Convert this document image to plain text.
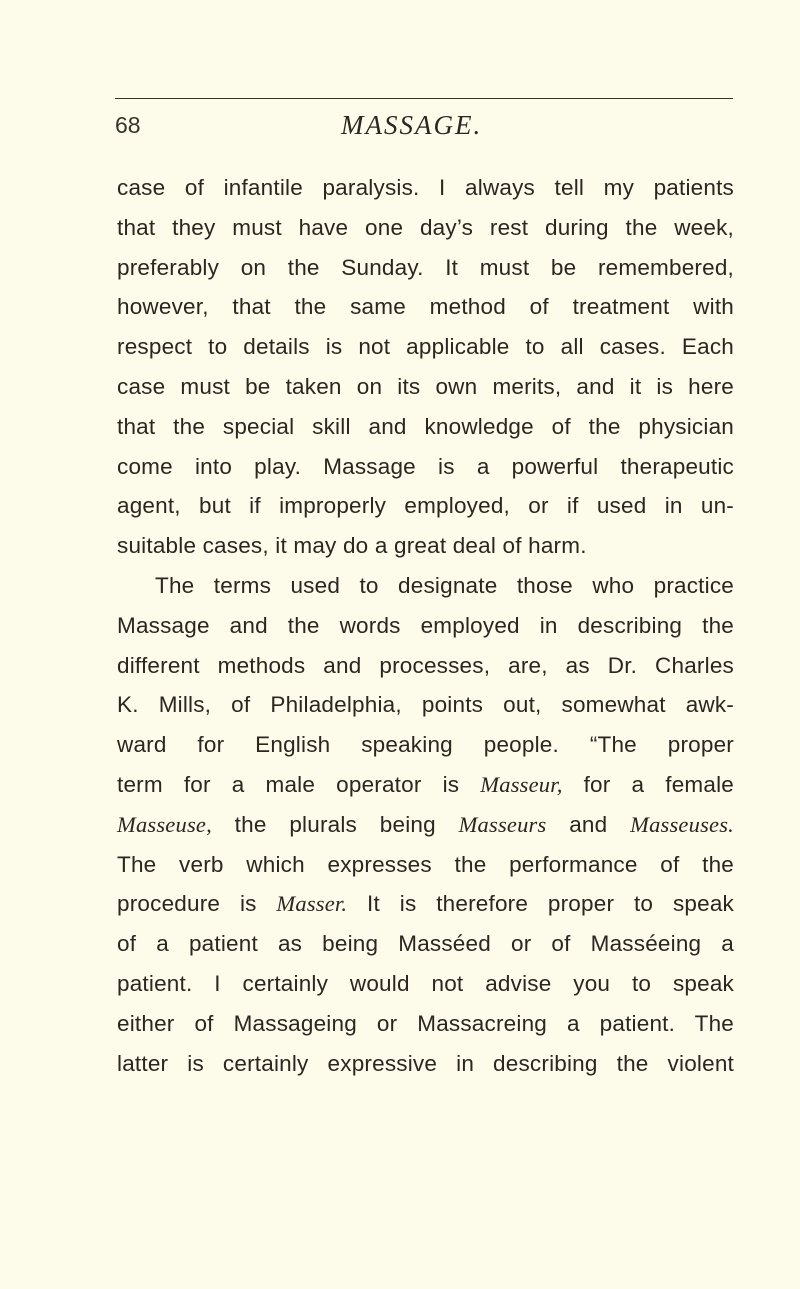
68	MASSAGE.
case of infantile paralysis. I always tell my patients
that they must have one day’s rest during the week,
preferably on the Sunday. It must be remembered,
however, that the same method of treatment with
respect to details is not applicable to all cases. Each
case must be taken on its own merits, and it is here
that the special skill and knowledge of the physician
come into play. Massage is a powerful therapeutic
agent, but if improperly employed, or if used in un-
suitable cases, it may do a great deal of harm.
The terms used to designate those who practice
Massage and the words employed in describing the
different methods and processes, are, as Dr. Charles
K. Mills, of Philadelphia, points out, somewhat awk-
ward for English speaking people. “The proper
term for a male operator is Masseur, for a female
Masseuse, the plurals being Masseurs and Masseuses.
The verb which expresses the performance of the
procedure is Masser. It is therefore proper to speak
of a patient as being Masséed or of Masséeing a
patient. I certainly would not advise you to speak
either of Massageing or Massacreing a patient. The
latter is certainly expressive in describing the violent
